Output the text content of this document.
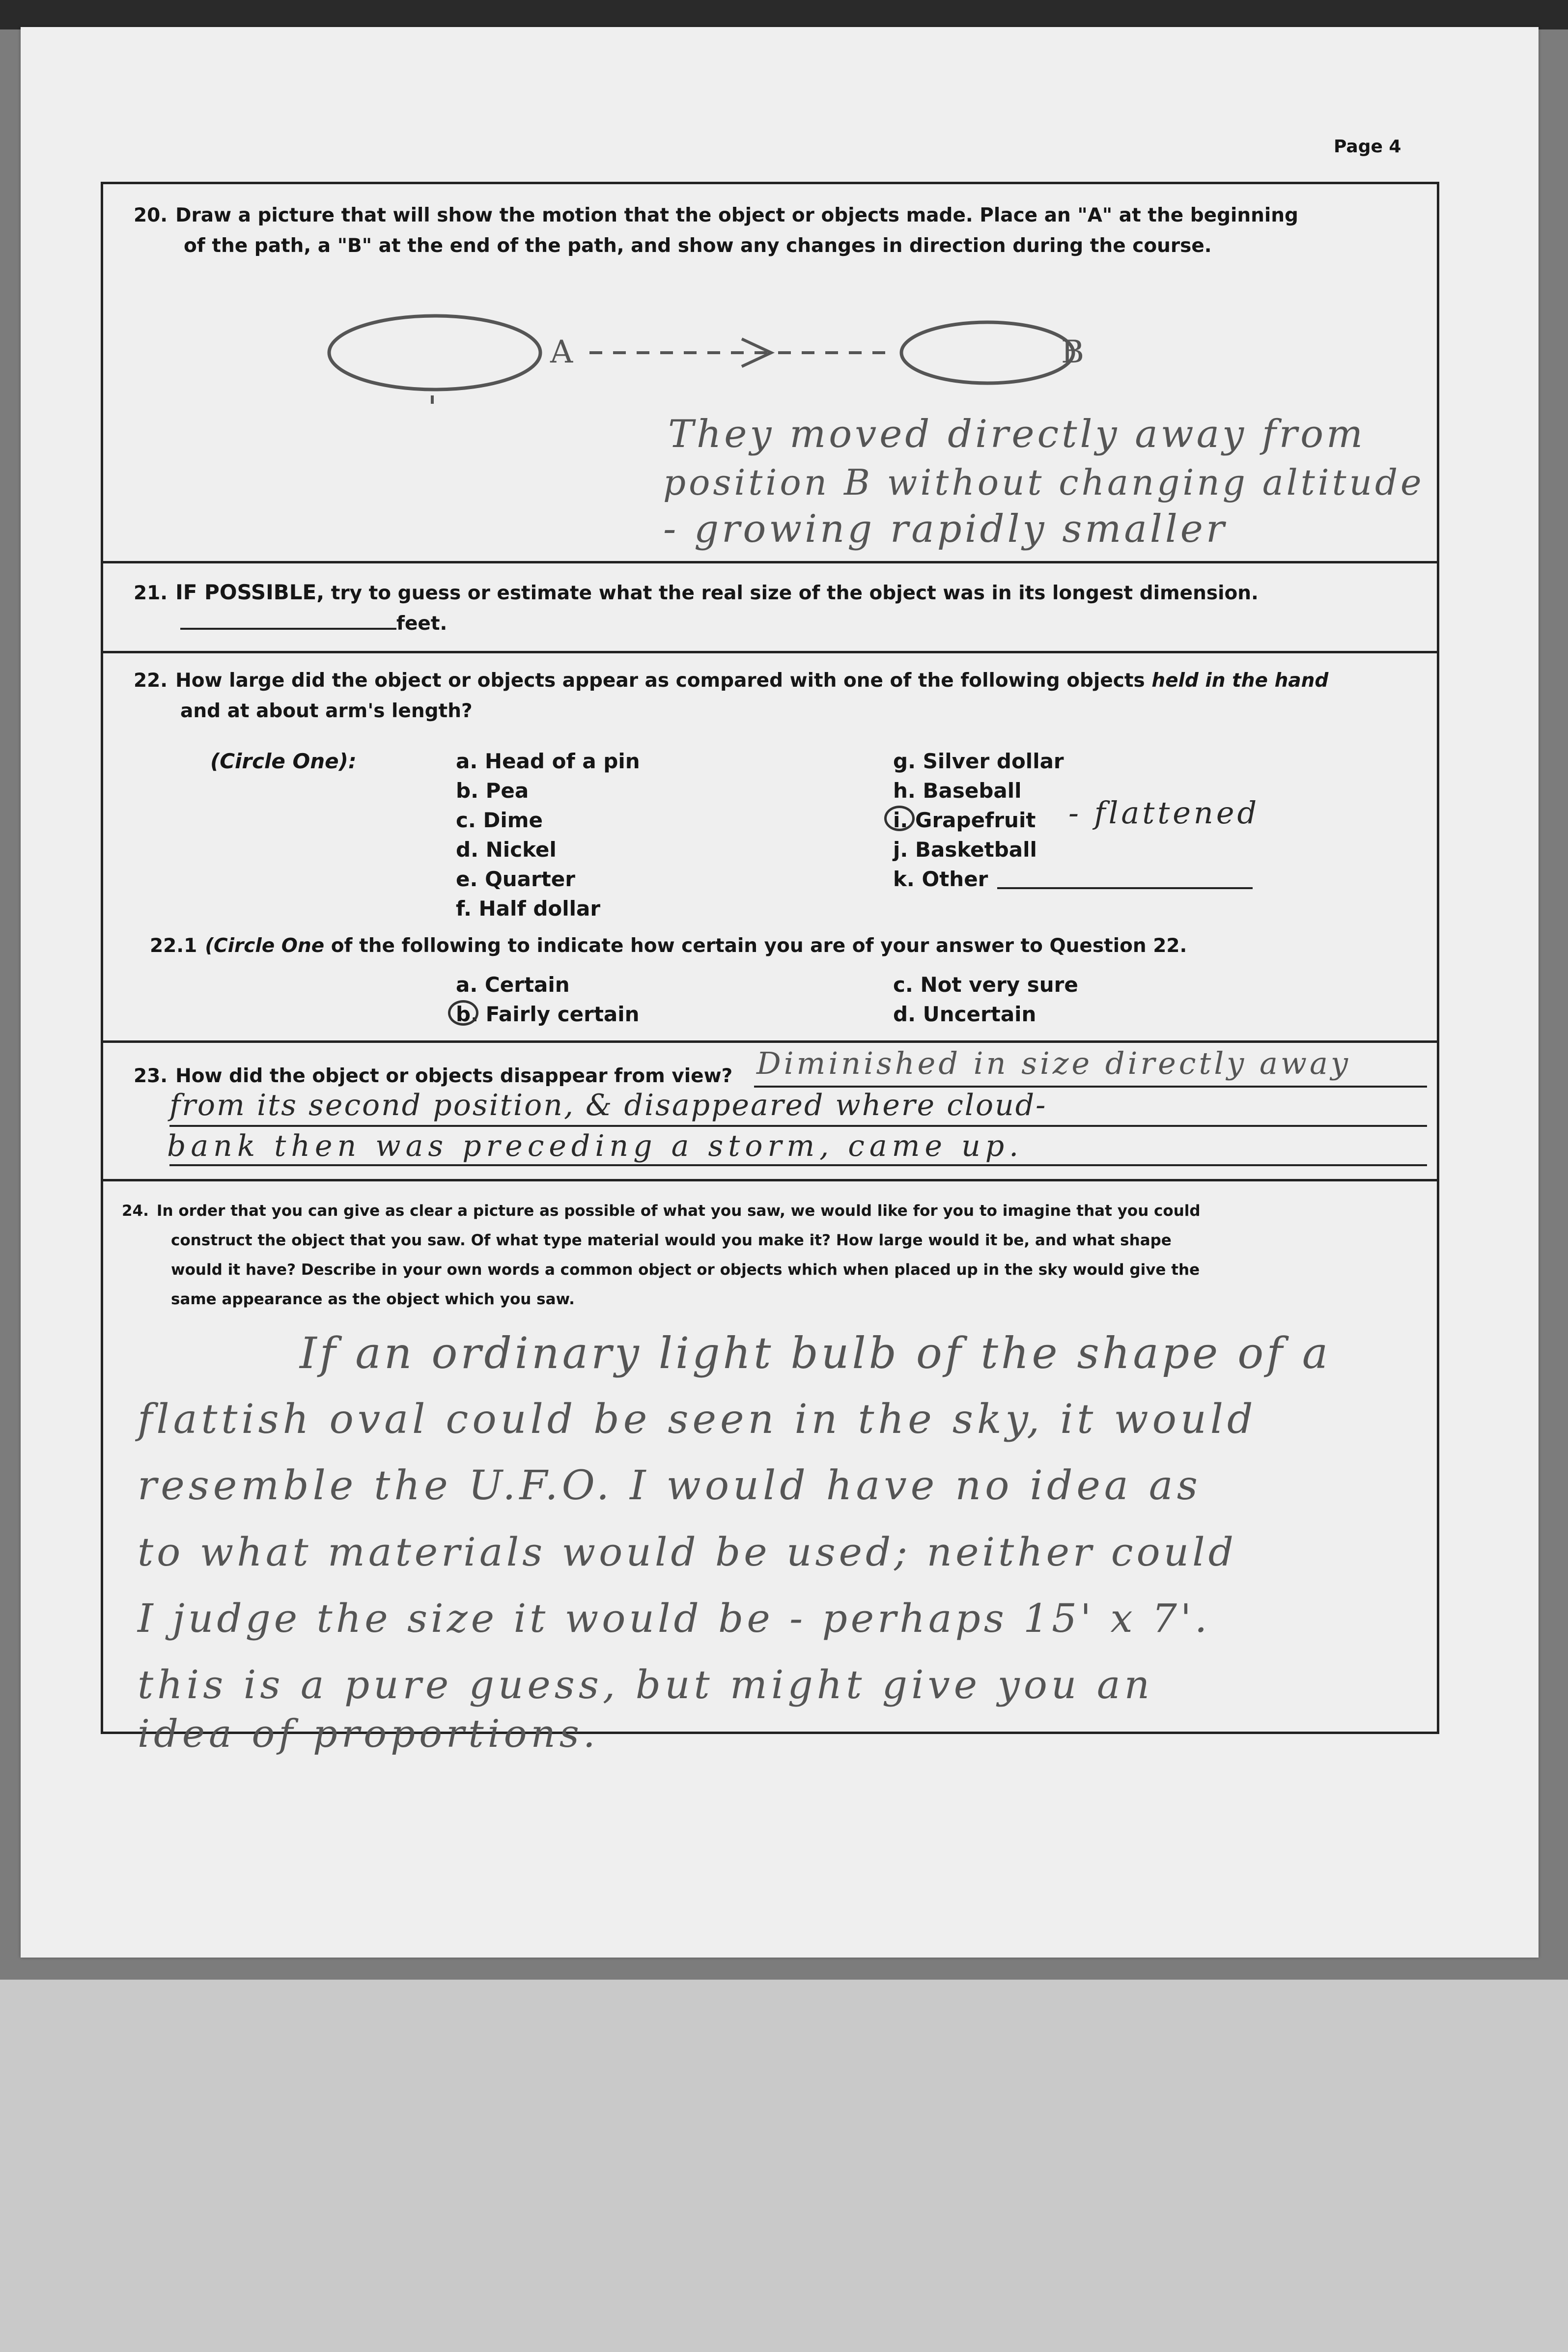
Page 4
20. Draw a picture that will show the motion that the object or objects made. Place an "A" at the beginning
of the path, a "B" at the end of the path, and show any changes in direction during the course.
A	B
They moved directly away from
position B without changing altitude
- growing rapidly smaller
21. IF POSSIBLE, try to guess or estimate what the real size of the object was in its longest dimension.
feet.
22. How large did the object or objects appear as compared with one of the following objects held in the hand
and at about arm's length?
(Circle One):	a. Head of a pin
b. Pea
c. Dime
d. Nickel
e. Quarter
f. Half dollar
g. Silver dollar
h. Baseball
i. Grapefruit - flattened
j. Basketball
k. Other
22.1 (Circle One of the following to indicate how certain you are of your answer to Question 22.
a. Certain
b. Fairly certain
c. Not very sure
d. Uncertain
23. How did the object or objects disappear from view? Diminished in size directly away
from its second position, & disappeared where cloud-
bank then was preceding a storm, came up.
24. In order that you can give as clear a picture as possible of what you saw, we would like for you to imagine that you could
construct the object that you saw. Of what type material would you make it? How large would it be, and what shape
would it have? Describe in your own words a common object or objects which when placed up in the sky would give the
same appearance as the object which you saw.
If an ordinary light bulb of the shape of a
flattish oval could be seen in the sky, it would
resemble the U.F.O. I would have no idea as
to what materials would be used; neither could
I judge the size it would be - perhaps 15' x 7'.
this is a pure guess, but might give you an
idea of proportions.
